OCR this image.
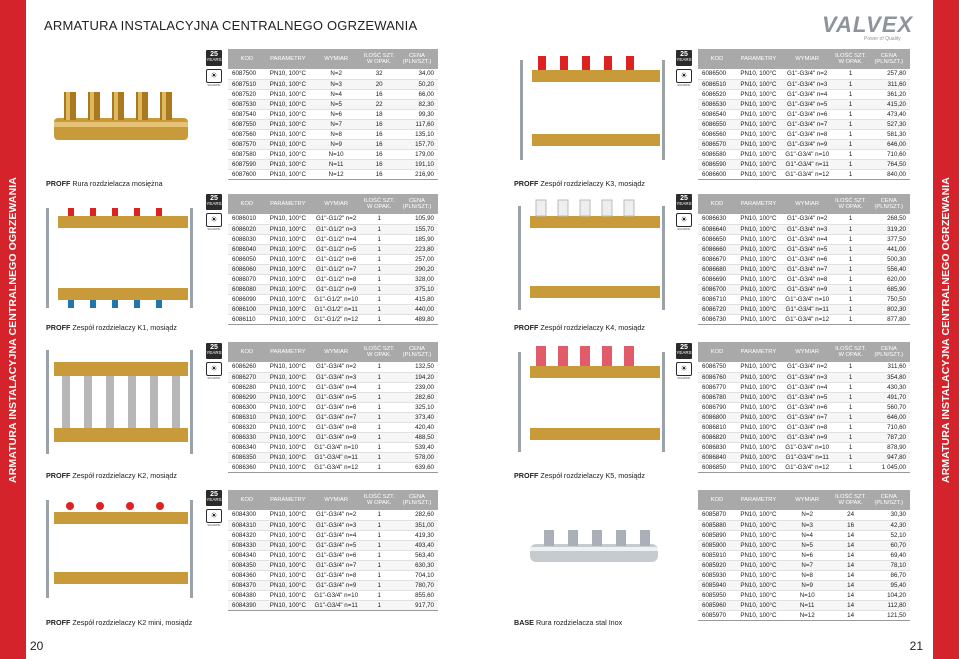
ARMATURA INSTALACYJNA CENTRALNEGO OGRZEWANIA	ARMATURA INSTALACYJNA CENTRALNEGO OGRZEWANIA
ARMATURA INSTALACYJNA CENTRALNEGO OGRZEWANIA	VALVEX
Power of Quality
20	21
PROFF Rura rozdzielacza mosiężna
PROFF Zespół rozdzielaczy K1, mosiądz
PROFF Zespół rozdzielaczy K2, mosiądz
PROFF Zespół rozdzielaczy K2 mini, mosiądz
PROFF Zespół rozdzielaczy K3, mosiądz
PROFF Zespół rozdzielaczy K4, mosiądz
PROFF Zespół rozdzielaczy K5, mosiądz
BASE Rura rozdzielacza stal Inox
25
YEARS
☀
SOLAR/OIL
25
YEARS
☀
SOLAR/OIL
25
YEARS
☀
SOLAR/OIL
25
YEARS
☀
SOLAR/OIL
25
YEARS
☀
SOLAR/OIL
25
YEARS
☀
SOLAR/OIL
25
YEARS
☀
SOLAR/OIL
KOD	PARAMETRY	WYMIAR	ILOŚĆ SZT. W OPAK.	CENA (PLN/SZT.)
6087500	PN10, 100°C	N=2	32	34,00
6087510	PN10, 100°C	N=3	20	50,20
6087520	PN10, 100°C	N=4	16	66,00
6087530	PN10, 100°C	N=5	22	82,30
6087540	PN10, 100°C	N=6	18	99,30
6087550	PN10, 100°C	N=7	16	117,60
6087560	PN10, 100°C	N=8	16	135,10
6087570	PN10, 100°C	N=9	16	157,70
6087580	PN10, 100°C	N=10	16	179,00
6087590	PN10, 100°C	N=11	16	191,10
6087600	PN10, 100°C	N=12	16	216,90
KOD	PARAMETRY	WYMIAR	ILOŚĆ SZT. W OPAK.	CENA (PLN/SZT.)
6086010	PN10, 100°C	G1"-G1/2" n=2	1	105,90
6086020	PN10, 100°C	G1"-G1/2" n=3	1	155,70
6086030	PN10, 100°C	G1"-G1/2" n=4	1	185,90
6086040	PN10, 100°C	G1"-G1/2" n=5	1	223,80
6086050	PN10, 100°C	G1"-G1/2" n=6	1	257,00
6086060	PN10, 100°C	G1"-G1/2" n=7	1	290,20
6086070	PN10, 100°C	G1"-G1/2" n=8	1	328,00
6086080	PN10, 100°C	G1"-G1/2" n=9	1	375,10
6086090	PN10, 100°C	G1"-G1/2" n=10	1	415,80
6086100	PN10, 100°C	G1"-G1/2" n=11	1	440,00
6086110	PN10, 100°C	G1"-G1/2" n=12	1	489,80
KOD	PARAMETRY	WYMIAR	ILOŚĆ SZT. W OPAK.	CENA (PLN/SZT.)
6086260	PN10, 100°C	G1"-G3/4" n=2	1	132,50
6086270	PN10, 100°C	G1"-G3/4" n=3	1	194,20
6086280	PN10, 100°C	G1"-G3/4" n=4	1	239,00
6086290	PN10, 100°C	G1"-G3/4" n=5	1	282,60
6086300	PN10, 100°C	G1"-G3/4" n=6	1	325,10
6086310	PN10, 100°C	G1"-G3/4" n=7	1	373,40
6086320	PN10, 100°C	G1"-G3/4" n=8	1	420,40
6086330	PN10, 100°C	G1"-G3/4" n=9	1	488,50
6086340	PN10, 100°C	G1"-G3/4" n=10	1	539,40
6086350	PN10, 100°C	G1"-G3/4" n=11	1	578,00
6086360	PN10, 100°C	G1"-G3/4" n=12	1	639,60
KOD	PARAMETRY	WYMIAR	ILOŚĆ SZT. W OPAK.	CENA (PLN/SZT.)
6084300	PN10, 100°C	G1"-G3/4" n=2	1	282,60
6084310	PN10, 100°C	G1"-G3/4" n=3	1	351,00
6084320	PN10, 100°C	G1"-G3/4" n=4	1	419,30
6084330	PN10, 100°C	G1"-G3/4" n=5	1	493,40
6084340	PN10, 100°C	G1"-G3/4" n=6	1	563,40
6084350	PN10, 100°C	G1"-G3/4" n=7	1	630,30
6084360	PN10, 100°C	G1"-G3/4" n=8	1	704,10
6084370	PN10, 100°C	G1"-G3/4" n=9	1	780,70
6084380	PN10, 100°C	G1"-G3/4" n=10	1	855,60
6084390	PN10, 100°C	G1"-G3/4" n=11	1	917,70
KOD	PARAMETRY	WYMIAR	ILOŚĆ SZT. W OPAK.	CENA (PLN/SZT.)
6086500	PN10, 100°C	G1"-G3/4" n=2	1	257,80
6086510	PN10, 100°C	G1"-G3/4" n=3	1	311,60
6086520	PN10, 100°C	G1"-G3/4" n=4	1	361,20
6086530	PN10, 100°C	G1"-G3/4" n=5	1	415,20
6086540	PN10, 100°C	G1"-G3/4" n=6	1	473,40
6086550	PN10, 100°C	G1"-G3/4" n=7	1	527,30
6086560	PN10, 100°C	G1"-G3/4" n=8	1	581,30
6086570	PN10, 100°C	G1"-G3/4" n=9	1	646,00
6086580	PN10, 100°C	G1"-G3/4" n=10	1	710,60
6086590	PN10, 100°C	G1"-G3/4" n=11	1	764,50
6086600	PN10, 100°C	G1"-G3/4" n=12	1	840,00
KOD	PARAMETRY	WYMIAR	ILOŚĆ SZT. W OPAK.	CENA (PLN/SZT.)
6086630	PN10, 100°C	G1"-G3/4" n=2	1	268,50
6086640	PN10, 100°C	G1"-G3/4" n=3	1	319,20
6086650	PN10, 100°C	G1"-G3/4" n=4	1	377,50
6086660	PN10, 100°C	G1"-G3/4" n=5	1	441,00
6086670	PN10, 100°C	G1"-G3/4" n=6	1	500,30
6086680	PN10, 100°C	G1"-G3/4" n=7	1	556,40
6086690	PN10, 100°C	G1"-G3/4" n=8	1	620,00
6086700	PN10, 100°C	G1"-G3/4" n=9	1	685,90
6086710	PN10, 100°C	G1"-G3/4" n=10	1	750,50
6086720	PN10, 100°C	G1"-G3/4" n=11	1	802,30
6086730	PN10, 100°C	G1"-G3/4" n=12	1	877,80
KOD	PARAMETRY	WYMIAR	ILOŚĆ SZT. W OPAK.	CENA (PLN/SZT.)
6086750	PN10, 100°C	G1"-G3/4" n=2	1	311,60
6086760	PN10, 100°C	G1"-G3/4" n=3	1	354,80
6086770	PN10, 100°C	G1"-G3/4" n=4	1	430,30
6086780	PN10, 100°C	G1"-G3/4" n=5	1	491,70
6086790	PN10, 100°C	G1"-G3/4" n=6	1	560,70
6086800	PN10, 100°C	G1"-G3/4" n=7	1	646,00
6086810	PN10, 100°C	G1"-G3/4" n=8	1	710,60
6086820	PN10, 100°C	G1"-G3/4" n=9	1	787,20
6086830	PN10, 100°C	G1"-G3/4" n=10	1	878,90
6086840	PN10, 100°C	G1"-G3/4" n=11	1	947,80
6086850	PN10, 100°C	G1"-G3/4" n=12	1	1 045,00
KOD	PARAMETRY	WYMIAR	ILOŚĆ SZT. W OPAK.	CENA (PLN/SZT.)
6085870	PN10, 100°C	N=2	24	30,30
6085880	PN10, 100°C	N=3	16	42,30
6085890	PN10, 100°C	N=4	14	52,10
6085900	PN10, 100°C	N=5	14	60,70
6085910	PN10, 100°C	N=6	14	69,40
6085920	PN10, 100°C	N=7	14	78,10
6085930	PN10, 100°C	N=8	14	86,70
6085940	PN10, 100°C	N=9	14	95,40
6085950	PN10, 100°C	N=10	14	104,20
6085960	PN10, 100°C	N=11	14	112,80
6085970	PN10, 100°C	N=12	14	121,50
